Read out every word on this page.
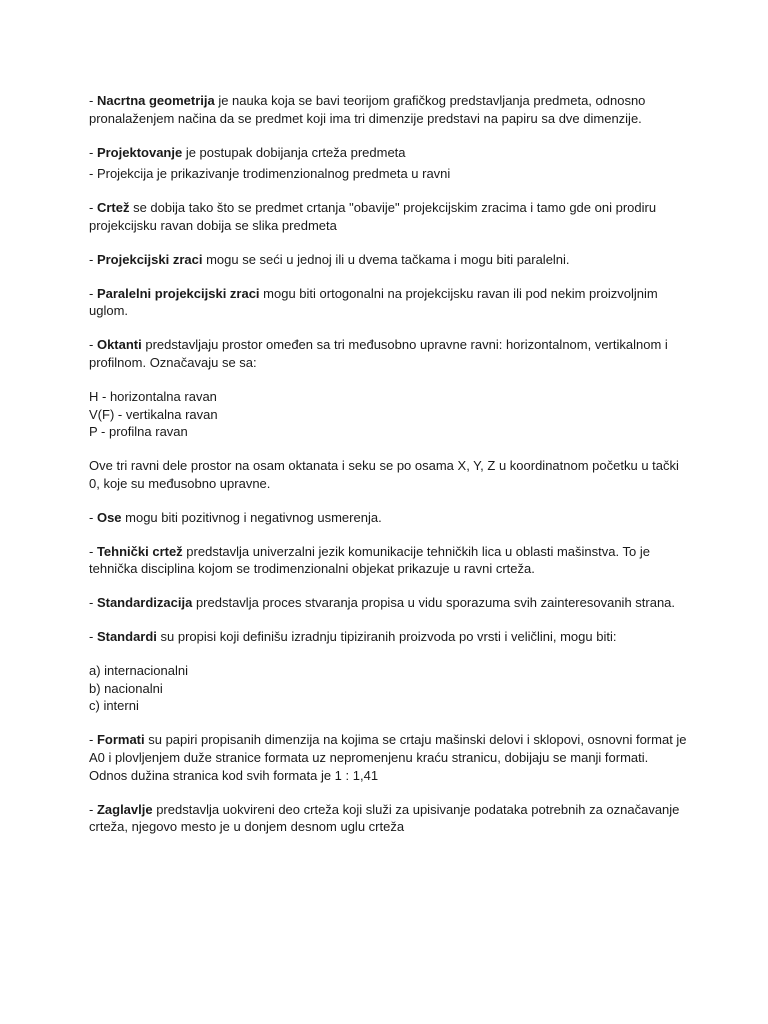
- Nacrtna geometrija je nauka koja se bavi teorijom grafičkog predstavljanja predmeta, odnosno pronalaženjem načina da se predmet koji ima tri dimenzije predstavi na papiru sa dve dimenzije.

- Projektovanje je postupak dobijanja crteža predmeta

- Projekcija je prikazivanje trodimenzionalnog predmeta u ravni

- Crtež se dobija tako što se predmet crtanja "obavije" projekcijskim zracima i tamo gde oni prodiru projekcijsku ravan dobija se slika predmeta

- Projekcijski zraci mogu se seći u jednoj ili u dvema tačkama i mogu biti paralelni.

- Paralelni projekcijski zraci mogu biti ortogonalni na projekcijsku ravan ili pod nekim proizvoljnim uglom.

- Oktanti predstavljaju prostor omeđen sa tri međusobno upravne ravni: horizontalnom, vertikalnom i profilnom. Označavaju se sa:

H - horizontalna ravan
V(F) - vertikalna ravan
P - profilna ravan

Ove tri ravni dele prostor na osam oktanata i seku se po osama X, Y, Z u koordinatnom početku u tački 0, koje su međusobno upravne.

- Ose mogu biti pozitivnog i negativnog usmerenja.

- Tehnički crtež predstavlja univerzalni jezik komunikacije tehničkih lica u oblasti mašinstva. To je tehnička disciplina kojom se trodimenzionalni objekat prikazuje u ravni crteža.

- Standardizacija predstavlja proces stvaranja propisa u vidu sporazuma svih zainteresovanih strana.

- Standardi su propisi koji definišu izradnju tipiziranih proizvoda po vrsti i veličlini, mogu biti:

a) internacionalni
b) nacionalni
c) interni

- Formati su papiri propisanih dimenzija na kojima se crtaju mašinski delovi i sklopovi, osnovni format je A0 i plovljenjem duže stranice formata uz nepromenjenu kraću stranicu, dobijaju se manji formati. Odnos dužina stranica kod svih formata je 1 : 1,41

- Zaglavlje predstavlja uokvireni deo crteža koji služi za upisivanje podataka potrebnih za označavanje crteža, njegovo mesto je u donjem desnom uglu crteža
